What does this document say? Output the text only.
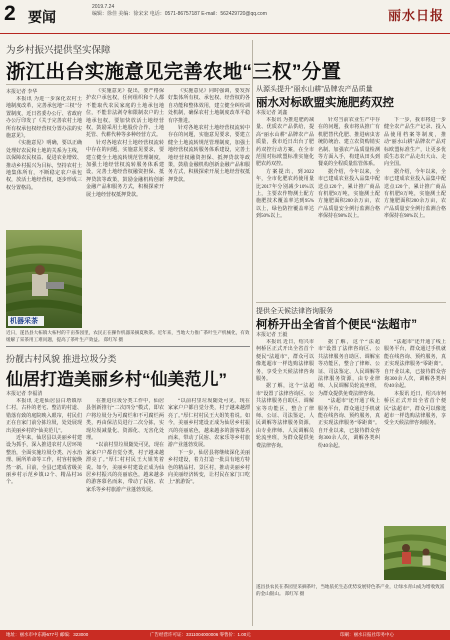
2 要闻
2019.7.24
编辑：徐佳 美编：徐宋宋 电话：0571-86757187 E-mail：562429720@qq.com	丽水日报
为乡村振兴提供坚实保障
浙江出台实施意见完善农地“三权”分置
本报记者 李华

本报讯 为进一步深化农村土地制度改革，完善承包地“三权”分置制度，近日省委办公厅、省政府办公厅印发了《关于完善农村土地所有权承包权经营权分置办法的实施意见》。

《实施意见》明确，要以正确处理好农民和土地的关系为主线，以保障农民权益、促进农业增效、推动乡村振兴为目标，坚持农村土地集体所有，不断稳定农户承包权，放活土地经营权，逐步形成三权分置格局。

《实施意见》提出，要严格保护农户承包权，任何组织和个人都不能取代农民家庭的土地承包地位，不能非法剥夺和限制农户的土地承包权。要加快放活土地经营权，鼓励采用土地股份合作、土地托管、代耕代种等多种经营方式。

针对各地农村土地经营权流转中存在的问题，实施意见要求，要建立健全土地流转规范管理制度，加强土地经营权流转服务体系建设，完善土地经营权融资担保、抵押贷款等政策，鼓励金融机构创新金融产品和服务方式，积极探索开展土地经营权抵押贷款。

《实施意见》同时强调，要发挥好集体所有权、承包权、经营权的各自功能和整体效用，建立健全纠纷调处机制，确保农村土地制度改革平稳有序推进。

针对各地农村土地经营权流转中存在的问题，实施意见要求，要建立健全土地流转规范管理制度，加强土地经营权流转服务体系建设，完善土地经营权融资担保、抵押贷款等政策，鼓励金融机构创新金融产品和服务方式，积极探索开展土地经营权抵押贷款。

机器采茶
近日，遂昌县大柘镇大柘村的千亩茶园里，农民正在操作机器采摘夏秋茶。近年来，当地大力推广茶叶生产机械化，有效缓解了采茶用工难问题，提高了茶叶生产效益。 郑红军 摄
扮靓古村风貌 推进垃圾分类
仙居打造美丽乡村“仙美范儿”
本报记者 李福清

本报讯 走进仙居县白塔镇厚仁村，古朴的老宅、整洁的村道、错落有致的庭院映入眼帘，村民们正在自家门前分拣垃圾，处处展现出美丽乡村的“仙美范儿”。

近年来，仙居县以美丽乡村建设为抓手，深入推进农村人居环境整治，全面实施垃圾分类、污水治理、厕所革命等工作，村容村貌焕然一新。目前，全县已建成省级美丽乡村示范乡镇12个、精品村36个。

在推进垃圾分类工作中，仙居县创新推行“二次四分”模式，即农户将垃圾分为可腐烂和不可腐烂两类，再由保洁员进行二次分拣，实现垃圾减量化、资源化、无害化处理。

“以前村里垃圾随处可见，现在家家户户都自觉分类，村子越来越漂亮了。”厚仁村村民王大姐笑着说。如今，美丽乡村建设正成为仙居乡村振兴的亮丽底色，越来越多的游客慕名而来，带动了民宿、农家乐等乡村旅游产业蓬勃发展。

“以前村里垃圾随处可见，现在家家户户都自觉分类，村子越来越漂亮了。”厚仁村村民王大姐笑着说。如今，美丽乡村建设正成为仙居乡村振兴的亮丽底色，越来越多的游客慕名而来，带动了民宿、农家乐等乡村旅游产业蓬勃发展。

下一步，仙居县将继续深化美丽乡村建设，着力打造一批具有地方特色的精品村、景区村，推动美丽乡村向美丽经济转变，让村民在家门口吃上“旅游饭”。

从源头提升“丽水山耕”品牌农产品质量
丽水对标欧盟实施肥药双控
本报记者 刘鑫

本报讯 为推进肥药减量、优质农产品供给，提高“丽水山耕”品牌农产品质量，我市近日出台了肥药双控行动方案，在全市范围对标欧盟标准实施化肥农药双控。

方案提出，到2022年，全市化肥农药使用量比2017年分别减少10%以上，主要农作物测土配方施肥技术覆盖率达到95%以上，绿色防控覆盖率达到50%以上。

针对当前农业生产中存在的问题，我市将从推广有机肥替代化肥、推进病虫害统防统治、建立农资购销实名制、加强农产品质量检测等方面入手，构建从田头到餐桌的全程质量监管体系。

据介绍，今年以来，全市已建成农业投入品集中配送点120个，累计推广商品有机肥8万吨，实施测土配方施肥面积200余万亩，农产品质量安全例行监测合格率保持在98%以上。

下一步，我市将进一步健全农产品生产记录、投入品使用档案等制度，推动“丽水山耕”品牌农产品对标欧盟标准生产，让更多优质生态农产品走出大山、走向全国。

据介绍，今年以来，全市已建成农业投入品集中配送点120个，累计推广商品有机肥8万吨，实施测土配方施肥面积200余万亩，农产品质量安全例行监测合格率保持在98%以上。

提供全天候法律咨询服务
柯桥开出全省首个便民“法超市”
本报记者 王毅

本报讯 近日，绍兴市柯桥区正式开出全省首个便民“法超市”，群众可以像逛超市一样选购法律服务，享受全天候法律咨询服务。

据了解，这个“法超市”设置了法律咨询区、公共法律服务自助区、调解室等功能区，整合了律师、公证、司法鉴定、人民调解等法律服务资源，由专业律师、人民调解员轮流坐班，为群众提供免费法律咨询。

据了解，这个“法超市”设置了法律咨询区、公共法律服务自助区、调解室等功能区，整合了律师、公证、司法鉴定、人民调解等法律服务资源，由专业律师、人民调解员轮流坐班，为群众提供免费法律咨询。

“法超市”还开通了线上服务平台，群众通过手机就能在线咨询、预约服务，真正实现法律服务“零距离”。自开业以来，已接待群众咨询300余人次，调解各类纠纷40余起。

“法超市”还开通了线上服务平台，群众通过手机就能在线咨询、预约服务，真正实现法律服务“零距离”。自开业以来，已接待群众咨询300余人次，调解各类纠纷40余起。

本报讯 近日，绍兴市柯桥区正式开出全省首个便民“法超市”，群众可以像逛超市一样选购法律服务，享受全天候法律咨询服务。

遂昌县农民在茶园里采摘茶叶，当地依托生态优势发展特色茶产业，让绿水青山成为增收致富的金山银山。 郑红军 摄
地址：丽水市中东路677号 邮编：323000	广告经营许可证：3311004000006 零售价：1.00元	印刷：丽水日报社印务中心
